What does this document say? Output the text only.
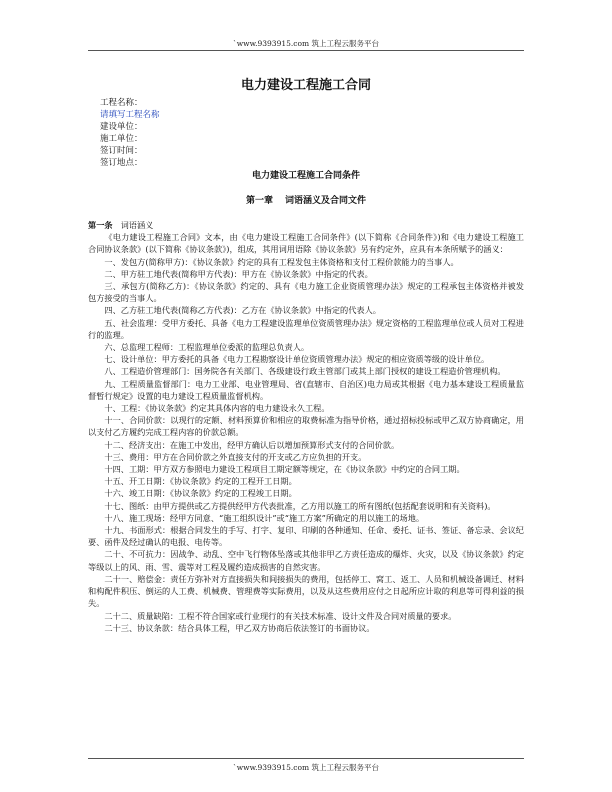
`www.9393915.com 筑上工程云服务平台
电力建设工程施工合同
工程名称：
请填写工程名称
建设单位：
施工单位：
签订时间：
签订地点：
电力建设工程施工合同条件
第一章 词语涵义及合同文件
第一条 词语涵义
《电力建设工程施工合同》文本，由《电力建设工程施工合同条件》(以下简称《合同条件》)和《电力建设工程施工合同协议条款》(以下简称《协议条款》)，组成，其用词用语除《协议条款》另有约定外，应具有本条所赋予的涵义：
一、发包方(简称甲方)：《协议条款》约定的具有工程发包主体资格和支付工程价款能力的当事人。
二、甲方驻工地代表(简称甲方代表)：甲方在《协议条款》中指定的代表。
三、承包方(简称乙方)：《协议条款》约定的、具有《电力施工企业资质管理办法》规定的工程承包主体资格并被发包方接受的当事人。
四、乙方驻工地代表(简称乙方代表)：乙方在《协议条款》中指定的代表人。
五、社会监理：受甲方委托、具备《电力工程建设监理单位资质管理办法》规定资格的工程监理单位或人员对工程进行的监理。
六、总监理工程师：工程监理单位委派的监理总负责人。
七、设计单位：甲方委托的具备《电力工程勘察设计单位资质管理办法》规定的相应资质等级的设计单位。
八、工程造价管理部门：国务院各有关部门、各级建设行政主管部门或其上部门授权的建设工程造价管理机构。
九、工程质量监督部门：电力工业部、电业管理局、省(直辖市、自治区)电力局或其根据《电力基本建设工程质量监督暂行规定》设置的电力建设工程质量监督机构。
十、工程：《协议条款》约定其具体内容的电力建设永久工程。
十一、合同价款：以现行的定额、材料预算价和相应的取费标准为指导价格，通过招标投标或甲乙双方协商确定，用以支付乙方履约完成工程内容的价款总额。
十二、经济支出：在施工中发出，经甲方确认后以增加预算形式支付的合同价款。
十三、费用：甲方在合同价款之外直接支付的开支或乙方应负担的开支。
十四、工期：甲方双方参照电力建设工程项目工期定额等规定，在《协议条款》中约定的合同工期。
十五、开工日期：《协议条款》约定的工程开工日期。
十六、竣工日期：《协议条款》约定的工程竣工日期。
十七、图纸：由甲方提供或乙方提供经甲方代表批准，乙方用以施工的所有图纸(包括配套说明和有关资料)。
十八、施工现场：经甲方同意、“施工组织设计”或“施工方案”所确定的用以施工的场地。
十九、书面形式：根据合同发生的手写、打字、复印、印刷的各种通知、任命、委托、证书、签证、备忘录、会议纪要、函件及经过确认的电报、电传等。
二十、不可抗力：因战争、动乱、空中飞行物体坠落或其他非甲乙方责任造成的爆炸、火灾，以及《协议条款》约定等级以上的风、雨、雪、震等对工程及履约造成损害的自然灾害。
二十一、赔偿金：责任方弥补对方直接损失和间接损失的费用，包括停工、窝工、返工、人员和机械设备调迁、材料和构配件积压、倒运的人工费、机械费、管理费等实际费用，以及从这些费用应付之日起所应计取的利息等可得利益的损失。
二十二、质量缺陷：工程不符合国家或行业现行的有关技术标准、设计文件及合同对质量的要求。
二十三、协议条款：结合具体工程，甲乙双方协商后依法签订的书面协议。
`www.9393915.com 筑上工程云服务平台
